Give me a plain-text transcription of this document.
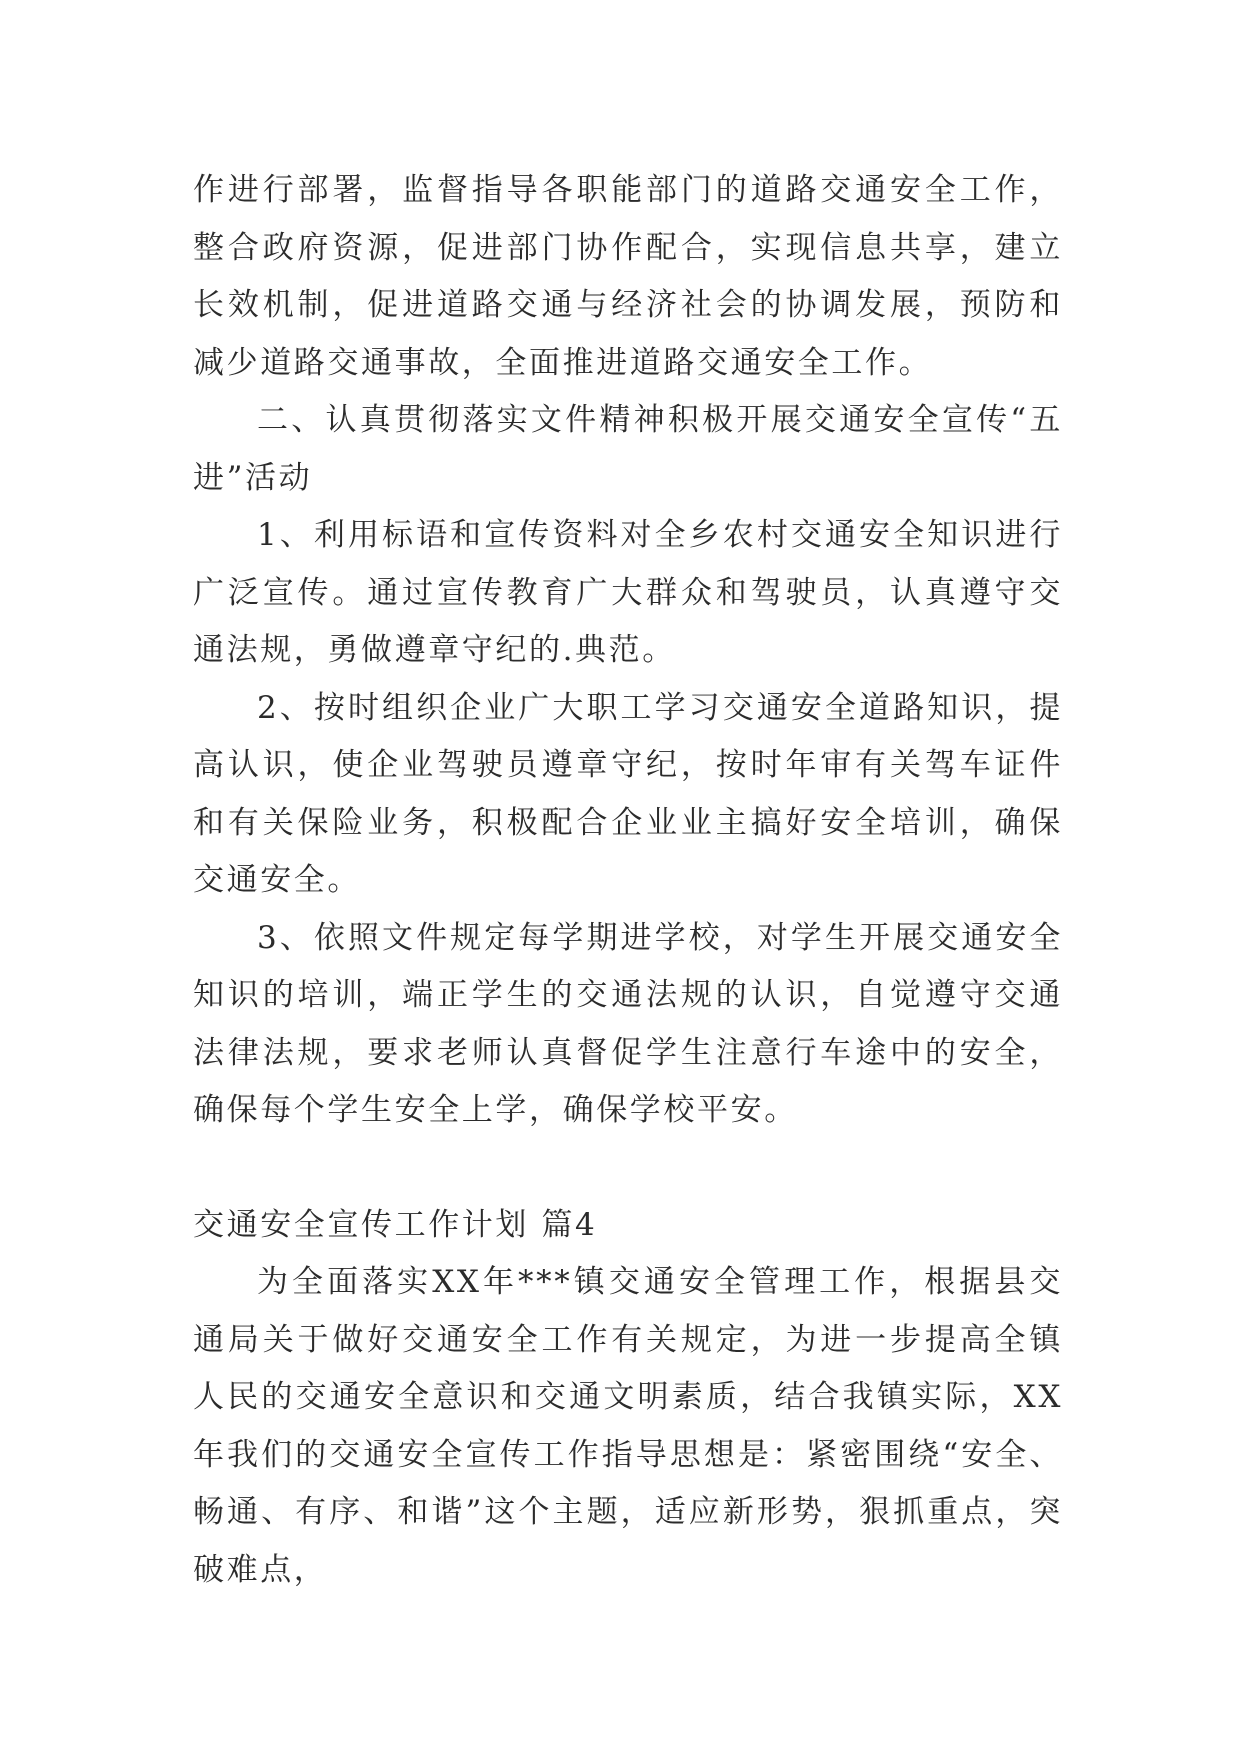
作进行部署，监督指导各职能部门的道路交通安全工作，整合政府资源，促进部门协作配合，实现信息共享，建立长效机制，促进道路交通与经济社会的协调发展，预防和减少道路交通事故，全面推进道路交通安全工作。

二、认真贯彻落实文件精神积极开展交通安全宣传“五进”活动

1、利用标语和宣传资料对全乡农村交通安全知识进行广泛宣传。通过宣传教育广大群众和驾驶员，认真遵守交通法规，勇做遵章守纪的.典范。

2、按时组织企业广大职工学习交通安全道路知识，提高认识，使企业驾驶员遵章守纪，按时年审有关驾车证件和有关保险业务，积极配合企业业主搞好安全培训，确保交通安全。

3、依照文件规定每学期进学校，对学生开展交通安全知识的培训，端正学生的交通法规的认识，自觉遵守交通法律法规，要求老师认真督促学生注意行车途中的安全，确保每个学生安全上学，确保学校平安。

交通安全宣传工作计划 篇4

为全面落实XX年***镇交通安全管理工作，根据县交通局关于做好交通安全工作有关规定，为进一步提高全镇人民的交通安全意识和交通文明素质，结合我镇实际，XX年我们的交通安全宣传工作指导思想是：紧密围绕“安全、畅通、有序、和谐”这个主题，适应新形势，狠抓重点，突破难点，
